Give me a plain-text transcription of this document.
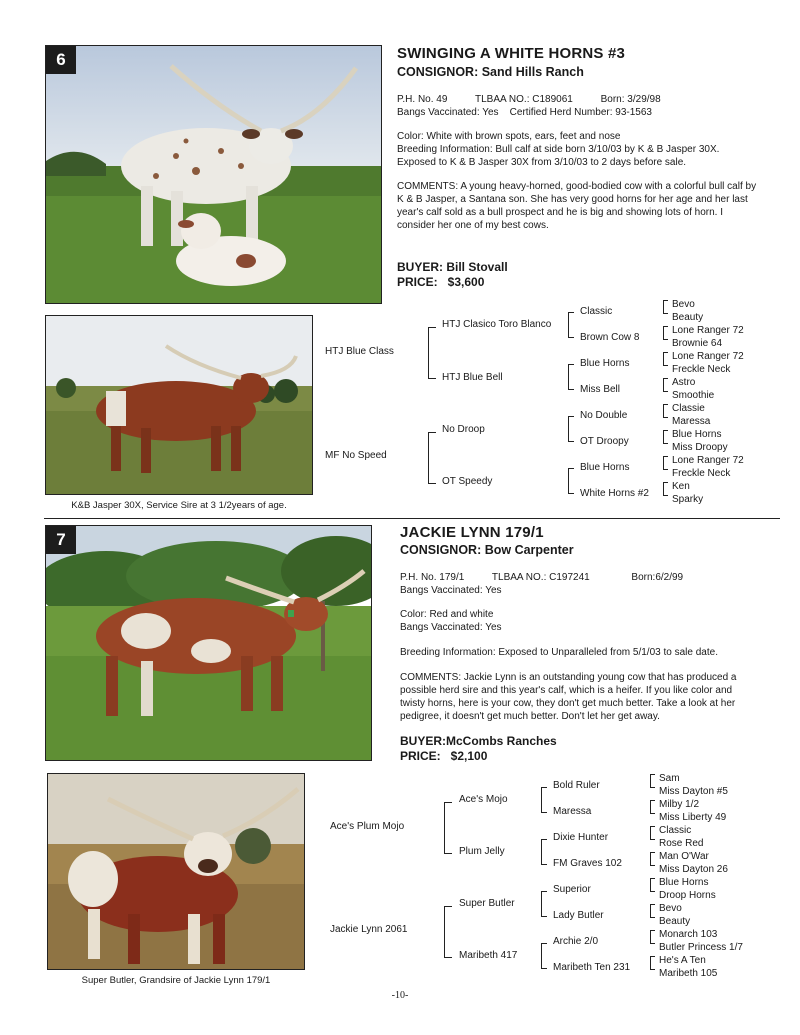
6	SWINGING A WHITE HORNS #3
CONSIGNOR: Sand Hills Ranch
P.H. No. 49          TLBAA NO.: C189061          Born: 3/29/98
Bangs Vaccinated: Yes    Certified Herd Number: 93-1563
Color: White with brown spots, ears, feet and nose
Breeding Information: Bull calf at side born 3/10/03 by K & B Jasper 30X.
Exposed to K & B Jasper 30X from 3/10/03 to 2 days before sale.
COMMENTS: A young heavy-horned, good-bodied cow with a colorful bull calf by K & B Jasper, a Santana son. She has very good horns for her age and her last year's calf sold as a bull prospect and he is big and showing lots of horn. I consider her one of my best cows.
BUYER: Bill Stovall
PRICE:   $3,600
K&B Jasper 30X, Service Sire at 3 1/2years of age.
HTJ Blue Class
MF No Speed
HTJ Clasico Toro Blanco
HTJ Blue Bell
No Droop
OT Speedy
Classic
Brown Cow 8
Blue Horns
Miss Bell
No Double
OT Droopy
Blue Horns
White Horns #2
Bevo
Beauty
Lone Ranger 72
Brownie 64
Lone Ranger 72
Freckle Neck
Astro
Smoothie
Classie
Maressa
Blue Horns
Miss Droopy
Lone Ranger 72
Freckle Neck
Ken
Sparky
7	JACKIE LYNN 179/1
CONSIGNOR: Bow Carpenter
P.H. No. 179/1          TLBAA NO.: C197241               Born:6/2/99
Bangs Vaccinated: Yes
Color: Red and white
Bangs Vaccinated: Yes
Breeding Information: Exposed to Unparalleled from 5/1/03 to sale date.
COMMENTS: Jackie Lynn is an outstanding young cow that has produced a possible herd sire and this year's calf, which is a heifer. If you like color and twisty horns, here is your cow, they don't get much better. Take a look at her pedigree, it doesn't get much better. Don't let her get away.
BUYER:McCombs Ranches
PRICE:   $2,100
Super Butler, Grandsire of Jackie Lynn 179/1
Ace's Plum Mojo
Jackie Lynn 2061
Ace's Mojo
Plum Jelly
Super Butler
Maribeth 417
Bold Ruler
Maressa
Dixie Hunter
FM Graves 102
Superior
Lady Butler
Archie 2/0
Maribeth Ten 231
Sam
Miss Dayton #5
Milby 1/2
Miss Liberty 49
Classic
Rose Red
Man O'War
Miss Dayton 26
Blue Horns
Droop Horns
Bevo
Beauty
Monarch 103
Butler Princess 1/7
He's A Ten
Maribeth 105
-10-
